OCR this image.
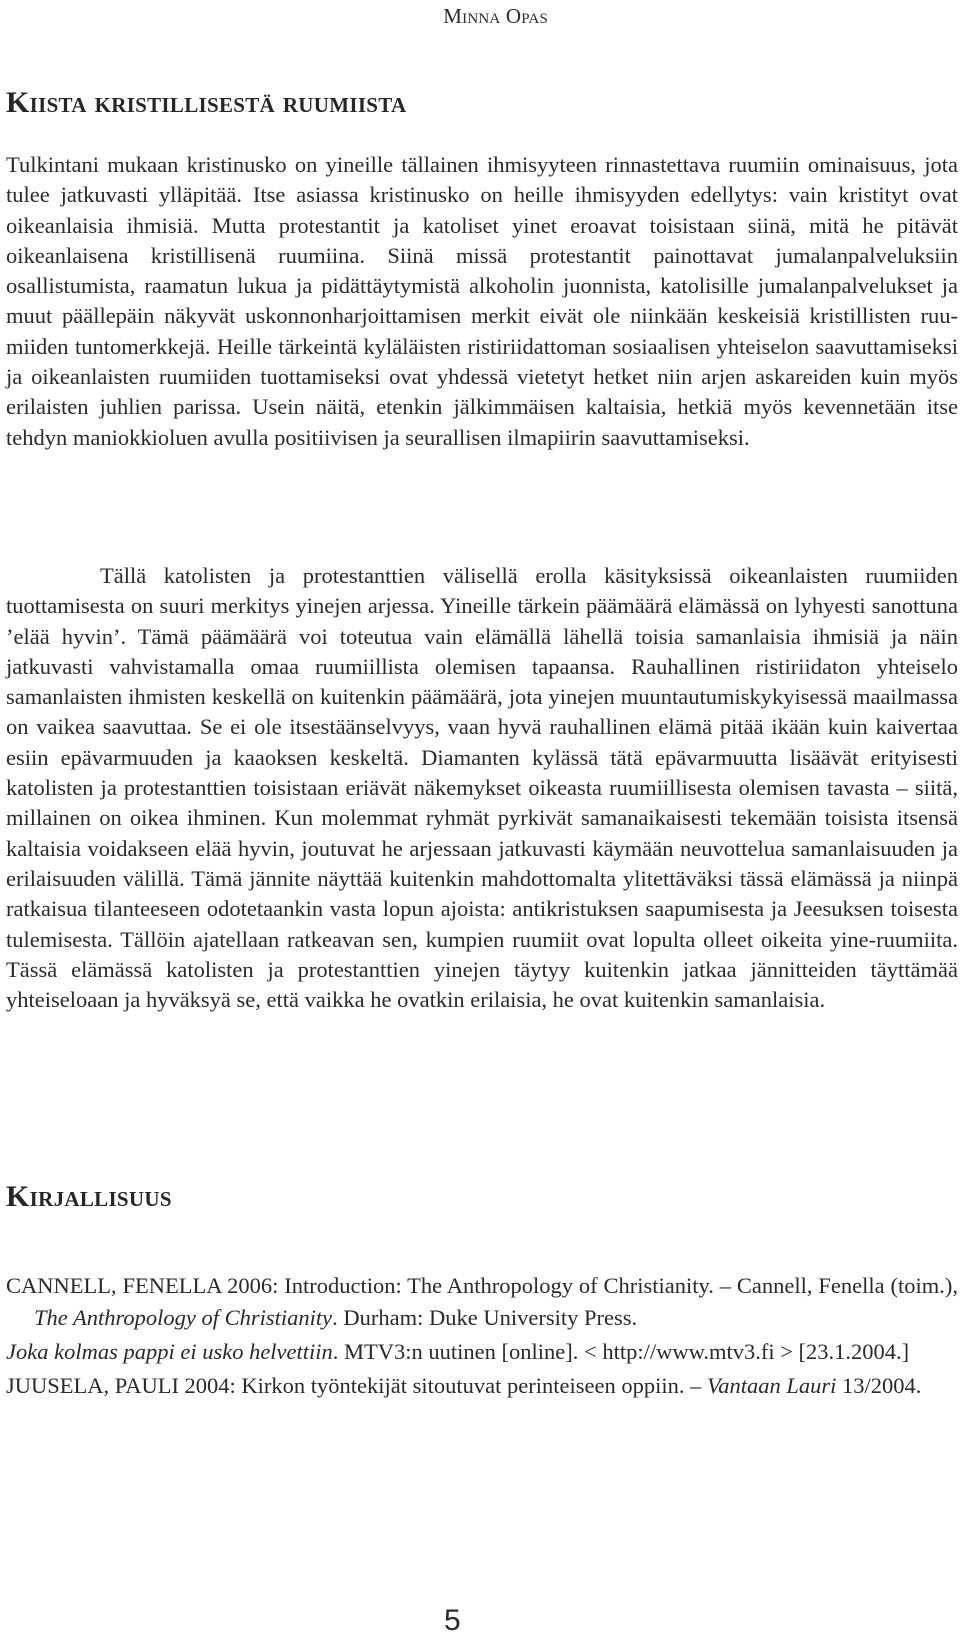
Minna Opas
Kiista kristillisestä ruumiista

Tulkintani mukaan kristinusko on yineille tällainen ihmisyyteen rinnastettava ruumiin ominaisuus, jota tulee jatkuvasti ylläpitää. Itse asiassa kristinusko on heille ihmisyyden edellytys: vain kristityt ovat oikeanlaisia ihmisiä. Mutta protestantit ja katoliset yinet eroavat toisistaan siinä, mitä he pitävät oikeanlaisena kristillisenä ruumiina. Siinä missä protestantit painottavat jumalanpalveluksiin osallistumista, raamatun lukua ja pidättäytymistä alkoholin juonnista, katolisille jumalanpalvelukset ja muut päällepäin näkyvät uskonnonharjoittamisen merkit eivät ole niinkään keskeisiä kristillisten ruumiiden tuntomerkkejä. Heille tärkeintä kyläläisten ristiriidattoman sosiaalisen yhteiselon saavuttamiseksi ja oikeanlaisten ruumiiden tuottamiseksi ovat yhdessä vietetyt hetket niin arjen askareiden kuin myös erilaisten juhlien parissa. Usein näitä, etenkin jälkimmäisen kaltaisia, hetkiä myös kevennetään itse tehdyn maniokkioluen avulla positiivisen ja seurallisen ilmapiirin saavuttamiseksi.

Tällä katolisten ja protestanttien välisellä erolla käsityksissä oikeanlaisten ruumiiden tuottamisesta on suuri merkitys yinejen arjessa. Yineille tärkein päämäärä elämässä on lyhyesti sanottuna ’elää hyvin’. Tämä päämäärä voi toteutua vain elämällä lähellä toisia samanlaisia ihmisiä ja näin jatkuvasti vahvistamalla omaa ruumiillista olemisen tapaansa. Rauhallinen ristiriidaton yhteiselo samanlaisten ihmisten keskellä on kuitenkin päämäärä, jota yinejen muuntautumiskykyisessä maailmassa on vaikea saavuttaa. Se ei ole itsestäänselvyys, vaan hyvä rauhallinen elämä pitää ikään kuin kaivertaa esiin epävarmuuden ja kaaoksen keskeltä. Diamanten kylässä tätä epävarmuutta lisäävät erityisesti katolisten ja protestanttien toisistaan eriävät näkemykset oikeasta ruumiillisesta olemisen tavasta – siitä, millainen on oikea ihminen. Kun molemmat ryhmät pyrkivät samanaikaisesti tekemään toisista itsensä kaltaisia voidakseen elää hyvin, joutuvat he arjessaan jatkuvasti käymään neuvottelua samanlaisuuden ja erilaisuuden välillä. Tämä jännite näyttää kuitenkin mahdottomalta ylitettäväksi tässä elämässä ja niinpä ratkaisua tilanteeseen odotetaankin vasta lopun ajoista: antikristuksen saapumisesta ja Jeesuksen toisesta tulemisesta. Tällöin ajatellaan ratkeavan sen, kumpien ruumiit ovat lopulta olleet oikeita yine-ruumiita. Tässä elämässä katolisten ja protestanttien yinejen täytyy kuitenkin jatkaa jännitteiden täyttämää yhteiseloaan ja hyväksyä se, että vaikka he ovatkin erilaisia, he ovat kuitenkin samanlaisia.

Kirjallisuus

CANNELL, FENELLA 2006: Introduction: The Anthropology of Christianity. – Cannell, Fenella (toim.), The Anthropology of Christianity. Durham: Duke University Press.

Joka kolmas pappi ei usko helvettiin. MTV3:n uutinen [online]. < http://www.mtv3.fi > [23.1.2004.]

JUUSELA, PAULI 2004: Kirkon työntekijät sitoutuvat perinteiseen oppiin. – Vantaan Lauri 13/2004.

5
